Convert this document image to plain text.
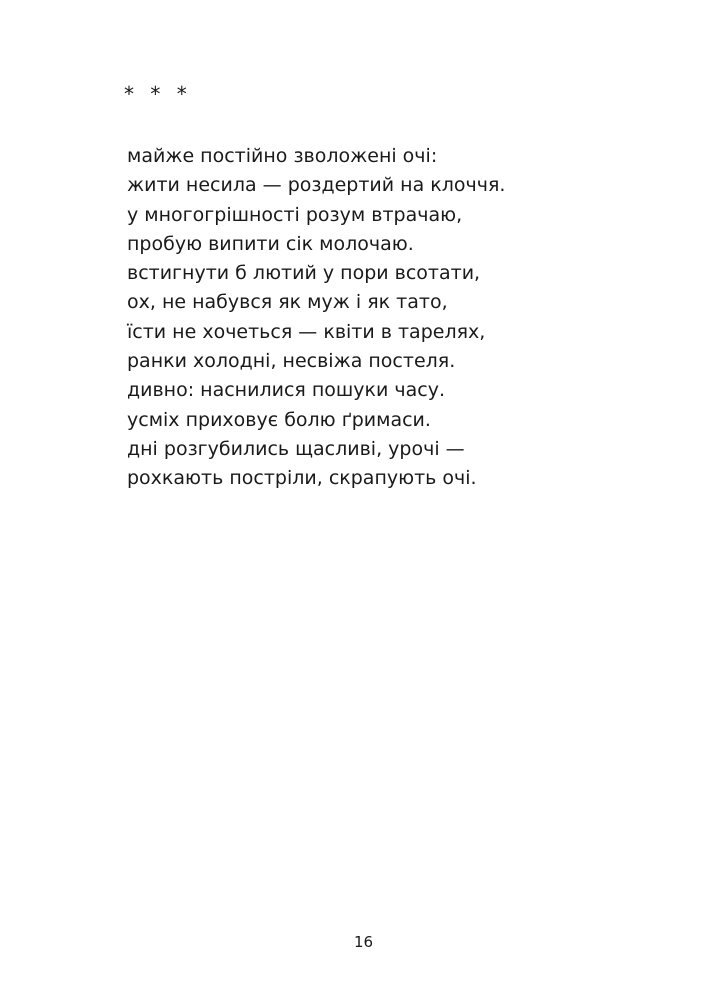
* * *
майже постійно зволожені очі:
жити несила — роздертий на клоччя.
у многогрішності розум втрачаю,
пробую випити сік молочаю.
встигнути б лютий у пори всотати,
ох, не набувся як муж і як тато,
їсти не хочеться — квіти в тарелях,
ранки холодні, несвіжа постеля.
дивно: наснилися пошуки часу.
усміх приховує болю ґримаси.
дні розгубились щасливі, урочі —
рохкають постріли, скрапують очі.
16
